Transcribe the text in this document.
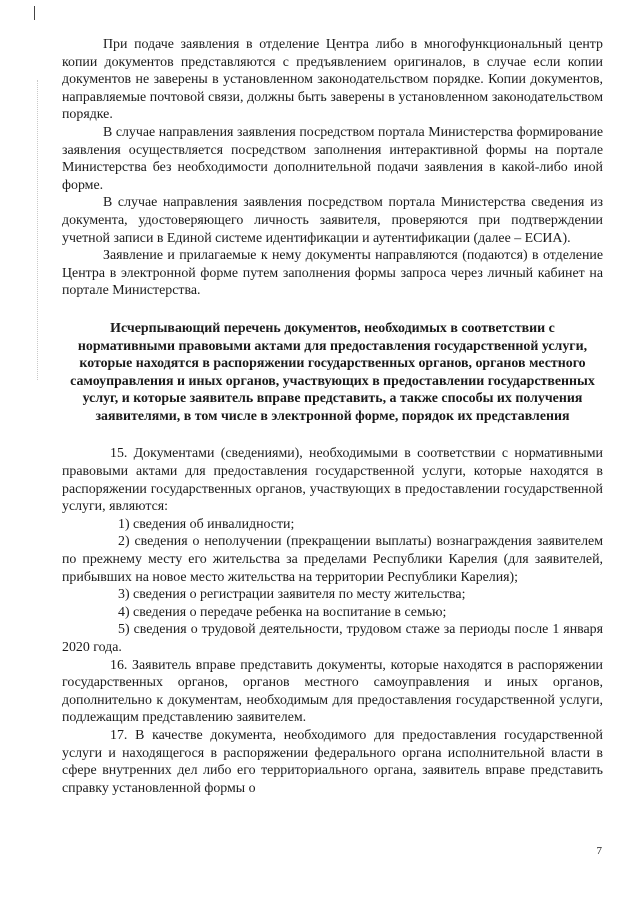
При подаче заявления в отделение Центра либо в многофункциональный центр копии документов представляются с предъявлением оригиналов, в случае если копии документов не заверены в установленном законодательством порядке. Копии документов, направляемые почтовой связи, должны быть заверены в установленном законодательством порядке.

В случае направления заявления посредством портала Министерства формирование заявления осуществляется посредством заполнения интерактивной формы на портале Министерства без необходимости дополнительной подачи заявления в какой-либо иной форме.

В случае направления заявления посредством портала Министерства сведения из документа, удостоверяющего личность заявителя, проверяются при подтверждении учетной записи в Единой системе идентификации и аутентификации (далее – ЕСИА).

Заявление и прилагаемые к нему документы направляются (подаются) в отделение Центра в электронной форме путем заполнения формы запроса через личный кабинет на портале Министерства.

Исчерпывающий перечень документов, необходимых в соответствии с нормативными правовыми актами для предоставления государственной услуги, которые находятся в распоряжении государственных органов, органов местного самоуправления и иных органов, участвующих в предоставлении государственных услуг, и которые заявитель вправе представить, а также способы их получения заявителями, в том числе в электронной форме, порядок их представления

15. Документами (сведениями), необходимыми в соответствии с нормативными правовыми актами для предоставления государственной услуги, которые находятся в распоряжении государственных органов, участвующих в предоставлении государственной услуги, являются:

1) сведения об инвалидности;

2) сведения о неполучении (прекращении выплаты) вознаграждения заявителем по прежнему месту его жительства за пределами Республики Карелия (для заявителей, прибывших на новое место жительства на территории Республики Карелия);

3) сведения о регистрации заявителя по месту жительства;

4) сведения о передаче ребенка на воспитание в семью;

5) сведения о трудовой деятельности, трудовом стаже за периоды после 1 января 2020 года.

16. Заявитель вправе представить документы, которые находятся в распоряжении государственных органов, органов местного самоуправления и иных органов, дополнительно к документам, необходимым для предоставления государственной услуги, подлежащим представлению заявителем.

17. В качестве документа, необходимого для предоставления государственной услуги и находящегося в распоряжении федерального органа исполнительной власти в сфере внутренних дел либо его территориального органа, заявитель вправе представить справку установленной формы о

7
